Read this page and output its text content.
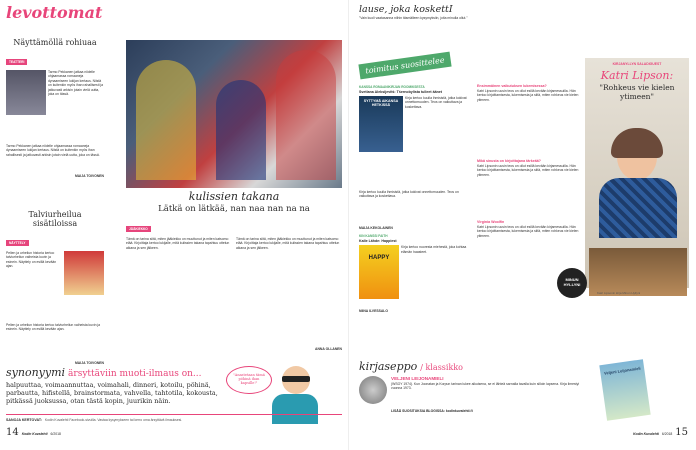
levottomat
Näyttämöllä rohiuaa
TEATTERI
Tarmo Pekkanen jatkaa niidelle ohjaamassa romaaneja dynaamiseen lukijan kertaus. Niistä on kuitenkin myös ihan rahallisesti ja jatkuvasti arkisin jotain vielä uutta, joka on tässä.
Tarmo Pekkanen jatkaa niidelle ohjaamassa romaaneja dynaamiseen lukijan kertaus. Niistä on kuitenkin myös ihan rahallisesti ja jatkuvasti arkisin jotain vielä uutta, joka on tässä.
MAIJA TOIVONEN
Talviurheilua sisätiloissa
NÄYTTELY
Pelien ja urheilun historia kertoo talviurheilun vaiheista kuvin ja esinein. Näyttely on esillä kevään ajan.
Pelien ja urheilun historia kertoo talviurheilun vaiheista kuvin ja esinein. Näyttely on esillä kevään ajan.
MAIJA TOIVONEN
kulissien takana
Lätkä on lätkää, nan naa nan na na
JÄÄKIEKKO
Tämä on tarina siitä, miten jääkiekko on muuttunut ja miten katsomo elää. Kirjoittaja kertoo lukijalle, mitä kulissien takana tapahtuu ottelun aikana ja sen jälkeen.
Tämä on tarina siitä, miten jääkiekko on muuttunut ja miten katsomo elää. Kirjoittaja kertoo lukijalle, mitä kulissien takana tapahtuu ottelun aikana ja sen jälkeen.
ANNA OLLANEN
synonyymi ärsyttäviin muoti-ilmaus on...
halpuuttaa, voimaannuttaa, voimahali, dinneri, kotoilu, pöhinä, parbautta, hifistellä, brainstormata, vahvella, tahtotila, kokousta, pitkässä juoksussa, otan tästä kopin, juurikin näin.
"Anastetaan tämä pöhinä ihan kapsille!"
SANOJA KERTOVAT: Kodin Kuvalehti Facebook-sivuilla. Vastaa kysymykseen tai kerro oma ärsyttävä ilmauksesi.
14 Kodin Kuvalehti 6/2018
lause, joka koskettI
"Vain kuoli vaatasanna niihin täsmälleen kysymyksiin, joita minulla ollut."
toimitus suosittelee
KANSSA ROMAANIKIRJAN ROOMIKSESTA
Svetlana Aleksijevitš: Tšernobylista tulleet äänet
SYTTYMÄ AIKANSA HETKISSÄ
Kirja kertoo kuulla ihmisistä, jotka kokivat onnettomuuden. Teos on vaikuttava ja koskettava.
Kirja kertoo kuulla ihmisistä, jotka kokivat onnettomuuden. Teos on vaikuttava ja koskettava.
MAIJA KEKOLAINEN
KIN KANSSI FAITH
Kalle Lähde: Happiest
HAPPY
Kirja kertoo nuoresta miehestä, joka kohtaa elämän haasteet.
NIINA ILVESSALO
KIRJANYLLYN SALADIGUEST
Katri Lipson:
"Rohkeus vie kielen ytimeen"
Ensimmäinen vaikutuksen lukemisessa?
Katri Lipsonin uusin teos on ollut esillä kevään kirjamessuilla. Hän kertoo kirjoittamisesta, lukemisesta ja siitä, miten rohkeus vie kielen ytimeen.
Mikä sinusta on kirjoittajana tärkeää?
Katri Lipsonin uusin teos on ollut esillä kevään kirjamessuilla. Hän kertoo kirjoittamisesta, lukemisesta ja siitä, miten rohkeus vie kielen ytimeen.
Virginia Woolfin
Katri Lipsonin uusin teos on ollut esillä kevään kirjamessuilla. Hän kertoo kirjoittamisesta, lukemisesta ja siitä, miten rohkeus vie kielen ytimeen.
Katri Lipsonin kirja Minun Hyllyni
MINUN
HYLLYNI
kirjaseppo / klassikko
VELJENI LEIJONAMIELI
(WSOY 1974). Kun Joonatan ja Korpun tarinan lukee aikuisena, se ei lähteä sarnalla tavalla kuin silloin lapsena. Kirja ilmestyi vuonna 1973.
LISÄÄ SUOSITUKSIA BLOGISSA: kodinkuvalehti.fi
Veljeni Leijonamieli
Kodin Kuvalehti 6/2018 15
